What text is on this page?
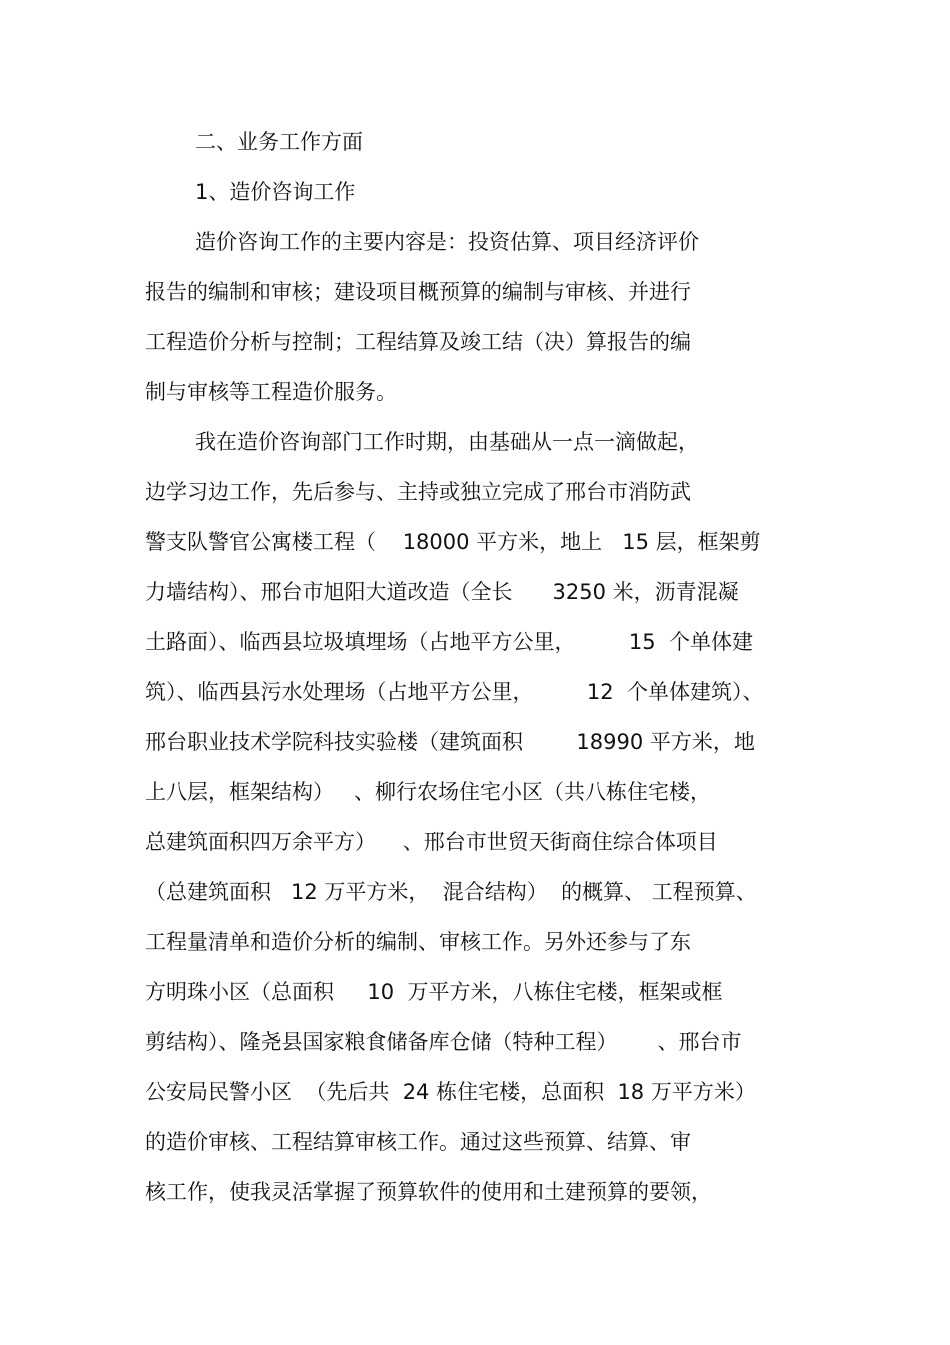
二、业务工作方面
1、造价咨询工作
造价咨询工作的主要内容是：投资估算、项目经济评价
报告的编制和审核；建设项目概预算的编制与审核、并进行
工程造价分析与控制；工程结算及竣工结（决）算报告的编
制与审核等工程造价服务。
我在造价咨询部门工作时期，由基础从一点一滴做起，
边学习边工作，先后参与、主持或独立完成了邢台市消防武
警支队警官公寓楼工程（    18000 平方米，地上   15 层，框架剪
力墙结构）、邢台市旭阳大道改造（全长      3250 米，沥青混凝
土路面）、临西县垃圾填埋场（占地平方公里，        15  个单体建
筑）、临西县污水处理场（占地平方公里，        12  个单体建筑）、
邢台职业技术学院科技实验楼（建筑面积        18990 平方米，地
上八层，框架结构）   、柳行农场住宅小区（共八栋住宅楼，
总建筑面积四万余平方）    、邢台市世贸天街商住综合体项目
（总建筑面积   12 万平方米，  混合结构）  的概算、 工程预算、
工程量清单和造价分析的编制、审核工作。另外还参与了东
方明珠小区（总面积     10  万平方米，八栋住宅楼，框架或框
剪结构）、隆尧县国家粮食储备库仓储（特种工程）      、邢台市
公安局民警小区  （先后共  24 栋住宅楼，总面积  18 万平方米）
的造价审核、工程结算审核工作。通过这些预算、结算、审
核工作，使我灵活掌握了预算软件的使用和土建预算的要领，
